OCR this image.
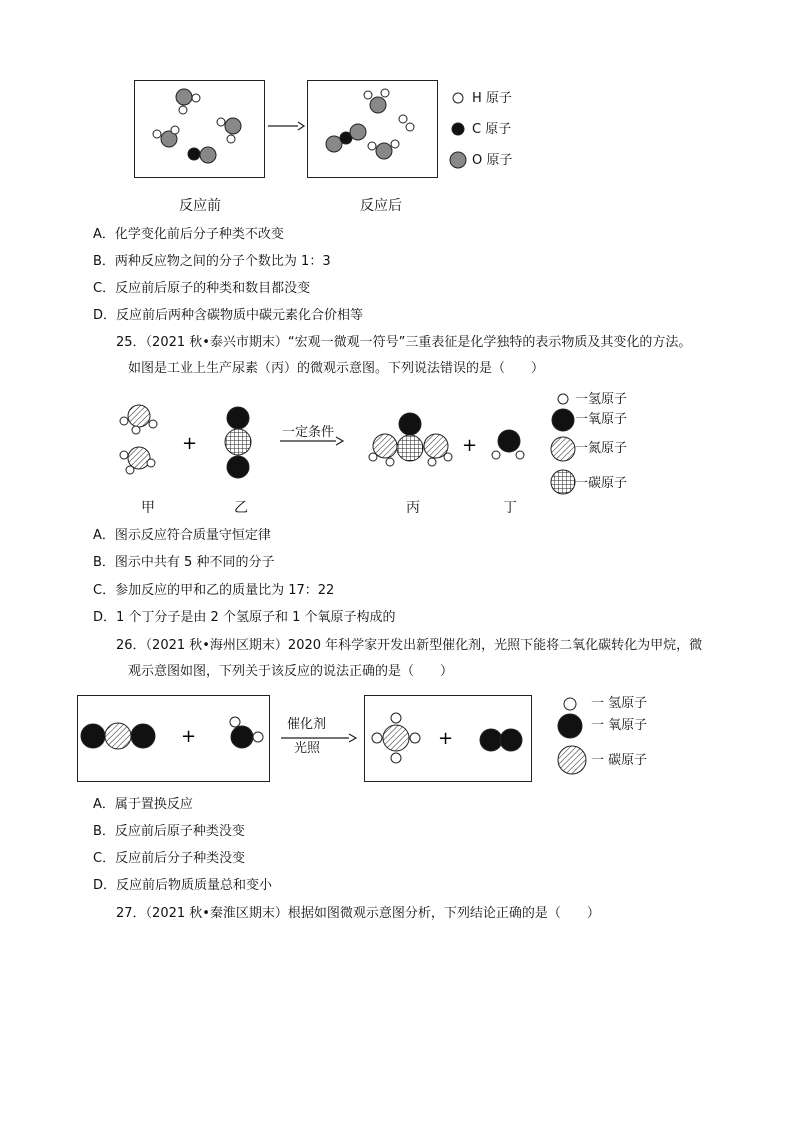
H 原子
C 原子
O 原子
反应前	反应后
A．化学变化前后分子种类不改变
B．两种反应物之间的分子个数比为 1：3
C．反应前后原子的种类和数目都没变
D．反应前后两种含碳物质中碳元素化合价相等
25．（2021 秋•泰兴市期末）“宏观一微观一符号”三重表征是化学独特的表示物质及其变化的方法。
如图是工业上生产尿素（丙）的微观示意图。下列说法错误的是（　　）
+	+
一定条件
一氢原子
一氧原子
一氮原子
一碳原子
甲	乙	丙	丁
A．图示反应符合质量守恒定律
B．图示中共有 5 种不同的分子
C．参加反应的甲和乙的质量比为 17：22
D．1 个丁分子是由 2 个氢原子和 1 个氧原子构成的
26．（2021 秋•海州区期末）2020 年科学家开发出新型催化剂，光照下能将二氧化碳转化为甲烷，微
观示意图如图，下列关于该反应的说法正确的是（　　）
+
催化剂
光照	+
一 氢原子
一 氧原子
一 碳原子
A．属于置换反应
B．反应前后原子种类没变
C．反应前后分子种类没变
D．反应前后物质质量总和变小
27．（2021 秋•秦淮区期末）根据如图微观示意图分析，下列结论正确的是（　　）
